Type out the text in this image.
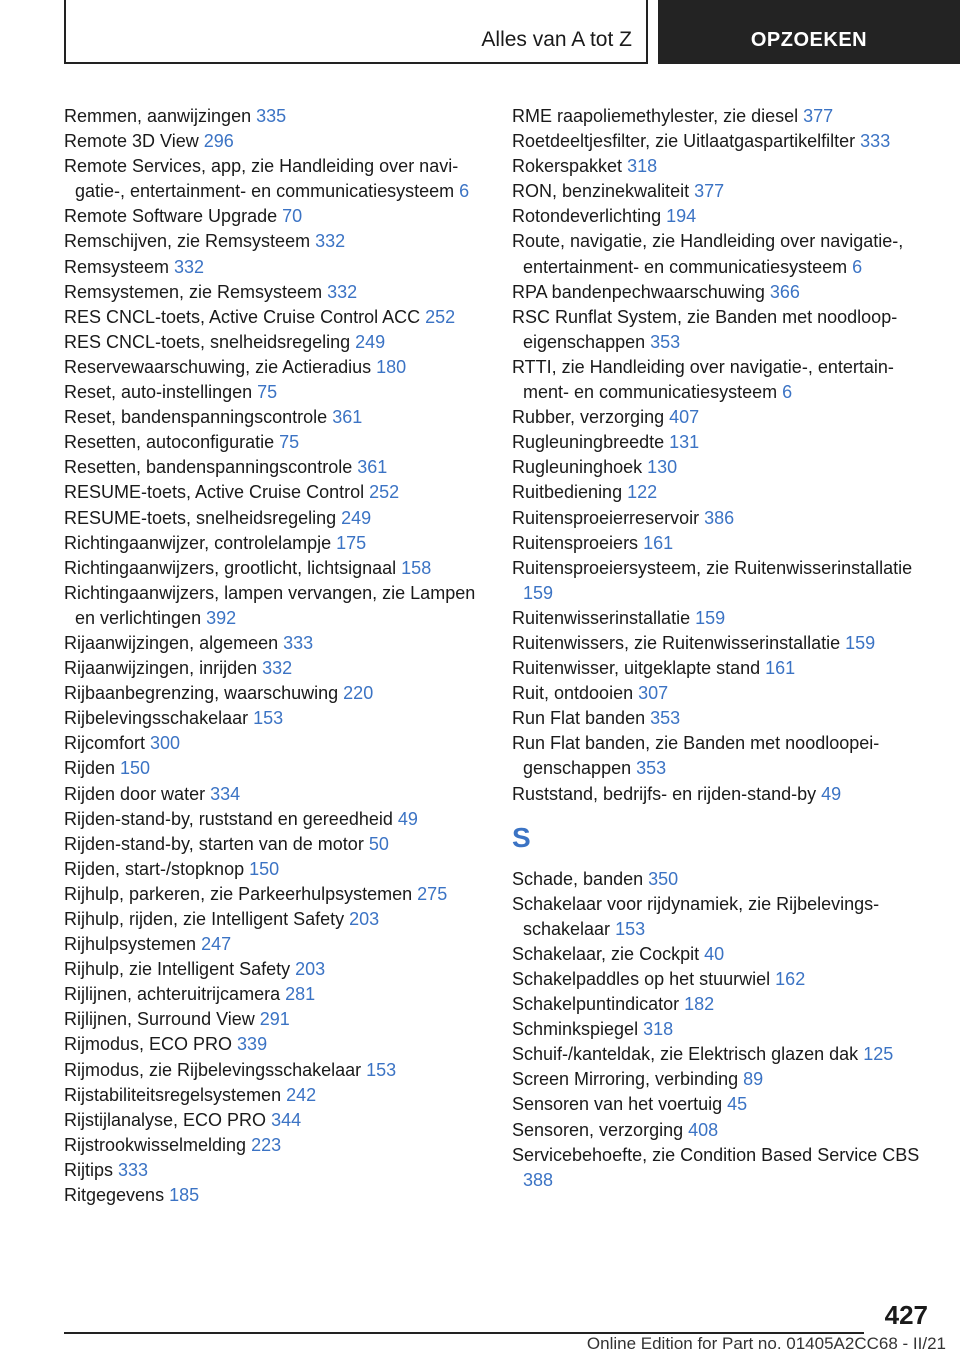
Alles van A tot Z	OPZOEKEN
Remmen, aanwijzingen 335
Remote 3D View 296
Remote Services, app, zie Handleiding over navigatie-, entertainment- en communicatiesysteem 6
Remote Software Upgrade 70
Remschijven, zie Remsysteem 332
Remsysteem 332
Remsystemen, zie Remsysteem 332
RES CNCL-toets, Active Cruise Control ACC 252
RES CNCL-toets, snelheidsregeling 249
Reservewaarschuwing, zie Actieradius 180
Reset, auto-instellingen 75
Reset, bandenspanningscontrole 361
Resetten, autoconfiguratie 75
Resetten, bandenspanningscontrole 361
RESUME-toets, Active Cruise Control 252
RESUME-toets, snelheidsregeling 249
Richtingaanwijzer, controlelampje 175
Richtingaanwijzers, grootlicht, lichtsignaal 158
Richtingaanwijzers, lampen vervangen, zie Lampen en verlichtingen 392
Rijaanwijzingen, algemeen 333
Rijaanwijzingen, inrijden 332
Rijbaanbegrenzing, waarschuwing 220
Rijbelevingsschakelaar 153
Rijcomfort 300
Rijden 150
Rijden door water 334
Rijden-stand-by, ruststand en gereedheid 49
Rijden-stand-by, starten van de motor 50
Rijden, start-/stopknop 150
Rijhulp, parkeren, zie Parkeerhulpsystemen 275
Rijhulp, rijden, zie Intelligent Safety 203
Rijhulpsystemen 247
Rijhulp, zie Intelligent Safety 203
Rijlijnen, achteruitrijcamera 281
Rijlijnen, Surround View 291
Rijmodus, ECO PRO 339
Rijmodus, zie Rijbelevingsschakelaar 153
Rijstabiliteitsregelsystemen 242
Rijstijlanalyse, ECO PRO 344
Rijstrookwisselmelding 223
Rijtips 333
Ritgegevens 185
RME raapoliemethylester, zie diesel 377
Roetdeeltjesfilter, zie Uitlaatgaspartikelfilter 333
Rokerspakket 318
RON, benzinekwaliteit 377
Rotondeverlichting 194
Route, navigatie, zie Handleiding over navigatie-, entertainment- en communicatiesysteem 6
RPA bandenpechwaarschuwing 366
RSC Runflat System, zie Banden met noodloopeigenschappen 353
RTTI, zie Handleiding over navigatie-, entertainment- en communicatiesysteem 6
Rubber, verzorging 407
Rugleuningbreedte 131
Rugleuninghoek 130
Ruitbediening 122
Ruitensproeierreservoir 386
Ruitensproeiers 161
Ruitensproeiersysteem, zie Ruitenwisserinstallatie 159
Ruitenwisserinstallatie 159
Ruitenwissers, zie Ruitenwisserinstallatie 159
Ruitenwisser, uitgeklapte stand 161
Ruit, ontdooien 307
Run Flat banden 353
Run Flat banden, zie Banden met noodloopeigenschappen 353
Ruststand, bedrijfs- en rijden-stand-by 49
S
Schade, banden 350
Schakelaar voor rijdynamiek, zie Rijbelevingsschakelaar 153
Schakelaar, zie Cockpit 40
Schakelpaddles op het stuurwiel 162
Schakelpuntindicator 182
Schminkspiegel 318
Schuif-/kanteldak, zie Elektrisch glazen dak 125
Screen Mirroring, verbinding 89
Sensoren van het voertuig 45
Sensoren, verzorging 408
Servicebehoefte, zie Condition Based Service CBS 388
427
Online Edition for Part no. 01405A2CC68 - II/21
